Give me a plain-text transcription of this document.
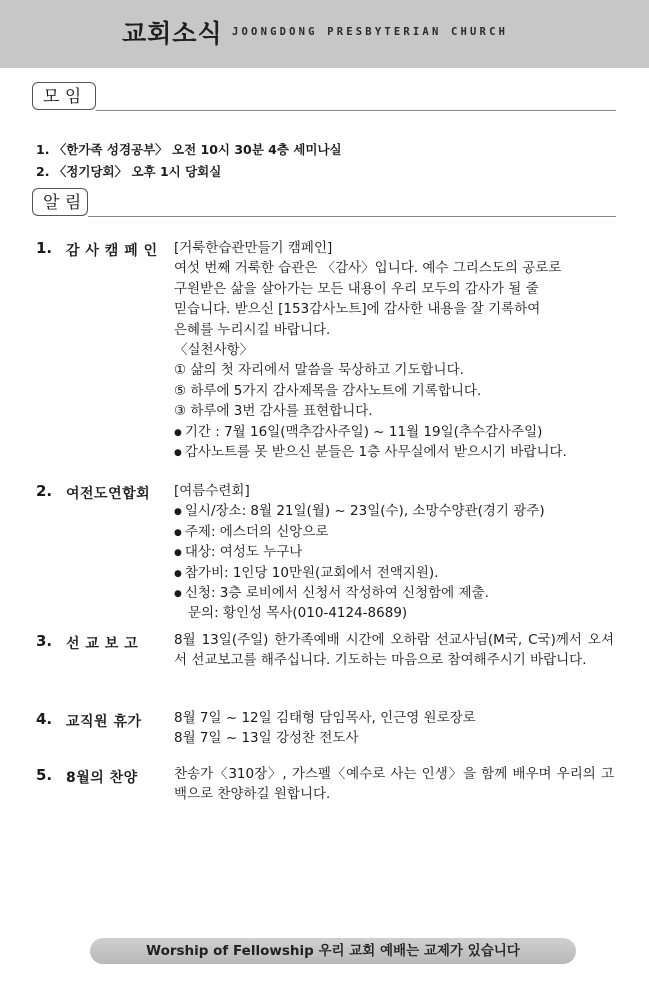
교회소식 JOONGDONG PRESBYTERIAN CHURCH
모 임
1. 〈한가족 성경공부〉 오전 10시 30분 4층 세미나실
2. 〈정기당회〉 오후 1시 당회실
알 림
1. 감 사 캠 페 인 [거룩한습관만들기 캠페인]
여섯 번째 거룩한 습관은 〈감사〉입니다. 예수 그리스도의 공로로
구원받은 삶을 살아가는 모든 내용이 우리 모두의 감사가 될 줄
믿습니다. 받으신 [153감사노트]에 감사한 내용을 잘 기록하여
은혜를 누리시길 바랍니다.
〈실천사항〉
① 삶의 첫 자리에서 말씀을 묵상하고 기도합니다.
⑤ 하루에 5가지 감사제목을 감사노트에 기록합니다.
③ 하루에 3번 감사를 표현합니다.
● 기간 : 7월 16일(맥추감사주일) ~ 11월 19일(추수감사주일)
● 감사노트를 못 받으신 분들은 1층 사무실에서 받으시기 바랍니다.
2. 여전도연합회 [여름수련회]
● 일시/장소: 8월 21일(월) ~ 23일(수), 소망수양관(경기 광주)
● 주제: 에스더의 신앙으로
● 대상: 여성도 누구나
● 참가비: 1인당 10만원(교회에서 전액지원).
● 신청: 3층 로비에서 신청서 작성하여 신청함에 제출.
문의: 황인성 목사(010-4124-8689)
3. 선 교 보 고	8월 13일(주일) 한가족예배 시간에 오하람 선교사님(M국, C국)께서 오셔서 선교보고를 해주십니다. 기도하는 마음으로 참여해주시기 바랍니다.
4. 교직원 휴가 8월 7일 ~ 12일 김태형 담임목사, 인근영 원로장로
8월 7일 ~ 13일 강성찬 전도사
5. 8월의 찬양	찬송가〈310장〉, 가스펠〈예수로 사는 인생〉을 함께 배우며 우리의 고백으로 찬양하길 원합니다.
Worship of Fellowship 우리 교회 예배는 교제가 있습니다
